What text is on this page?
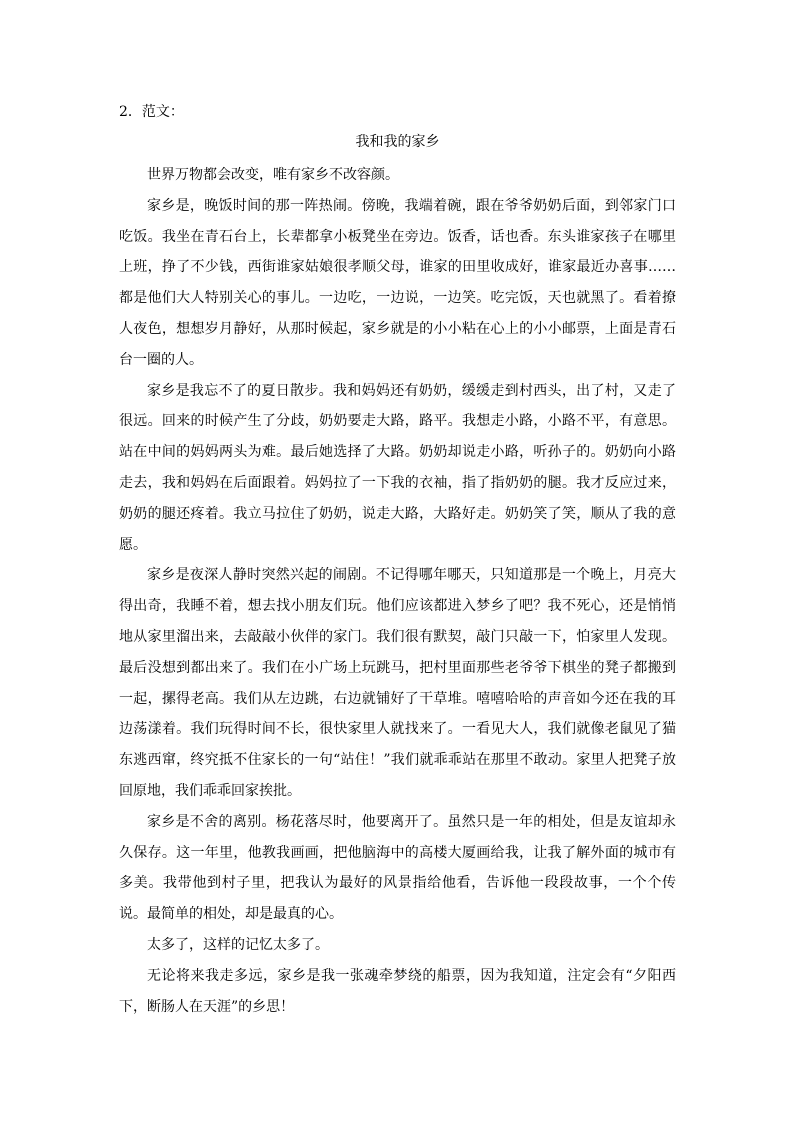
2．范文：
我和我的家乡

世界万物都会改变，唯有家乡不改容颜。

家乡是，晚饭时间的那一阵热闹。傍晚，我端着碗，跟在爷爷奶奶后面，到邻家门口吃饭。我坐在青石台上，长辈都拿小板凳坐在旁边。饭香，话也香。东头谁家孩子在哪里上班，挣了不少钱，西街谁家姑娘很孝顺父母，谁家的田里收成好，谁家最近办喜事……都是他们大人特别关心的事儿。一边吃，一边说，一边笑。吃完饭，天也就黑了。看着撩人夜色，想想岁月静好，从那时候起，家乡就是的小小粘在心上的小小邮票，上面是青石台一圈的人。

家乡是我忘不了的夏日散步。我和妈妈还有奶奶，缓缓走到村西头，出了村，又走了很远。回来的时候产生了分歧，奶奶要走大路，路平。我想走小路，小路不平，有意思。站在中间的妈妈两头为难。最后她选择了大路。奶奶却说走小路，听孙子的。奶奶向小路走去，我和妈妈在后面跟着。妈妈拉了一下我的衣袖，指了指奶奶的腿。我才反应过来，奶奶的腿还疼着。我立马拉住了奶奶，说走大路，大路好走。奶奶笑了笑，顺从了我的意愿。

家乡是夜深人静时突然兴起的闹剧。不记得哪年哪天，只知道那是一个晚上，月亮大得出奇，我睡不着，想去找小朋友们玩。他们应该都进入梦乡了吧？我不死心，还是悄悄地从家里溜出来，去敲敲小伙伴的家门。我们很有默契，敲门只敲一下，怕家里人发现。最后没想到都出来了。我们在小广场上玩跳马，把村里面那些老爷爷下棋坐的凳子都搬到一起，摞得老高。我们从左边跳，右边就铺好了干草堆。嘻嘻哈哈的声音如今还在我的耳边荡漾着。我们玩得时间不长，很快家里人就找来了。一看见大人，我们就像老鼠见了猫东逃西窜，终究抵不住家长的一句“站住！”我们就乖乖站在那里不敢动。家里人把凳子放回原地，我们乖乖回家挨批。

家乡是不舍的离别。杨花落尽时，他要离开了。虽然只是一年的相处，但是友谊却永久保存。这一年里，他教我画画，把他脑海中的高楼大厦画给我，让我了解外面的城市有多美。我带他到村子里，把我认为最好的风景指给他看，告诉他一段段故事，一个个传说。最简单的相处，却是最真的心。

太多了，这样的记忆太多了。

无论将来我走多远，家乡是我一张魂牵梦绕的船票，因为我知道，注定会有“夕阳西下，断肠人在天涯”的乡思！
